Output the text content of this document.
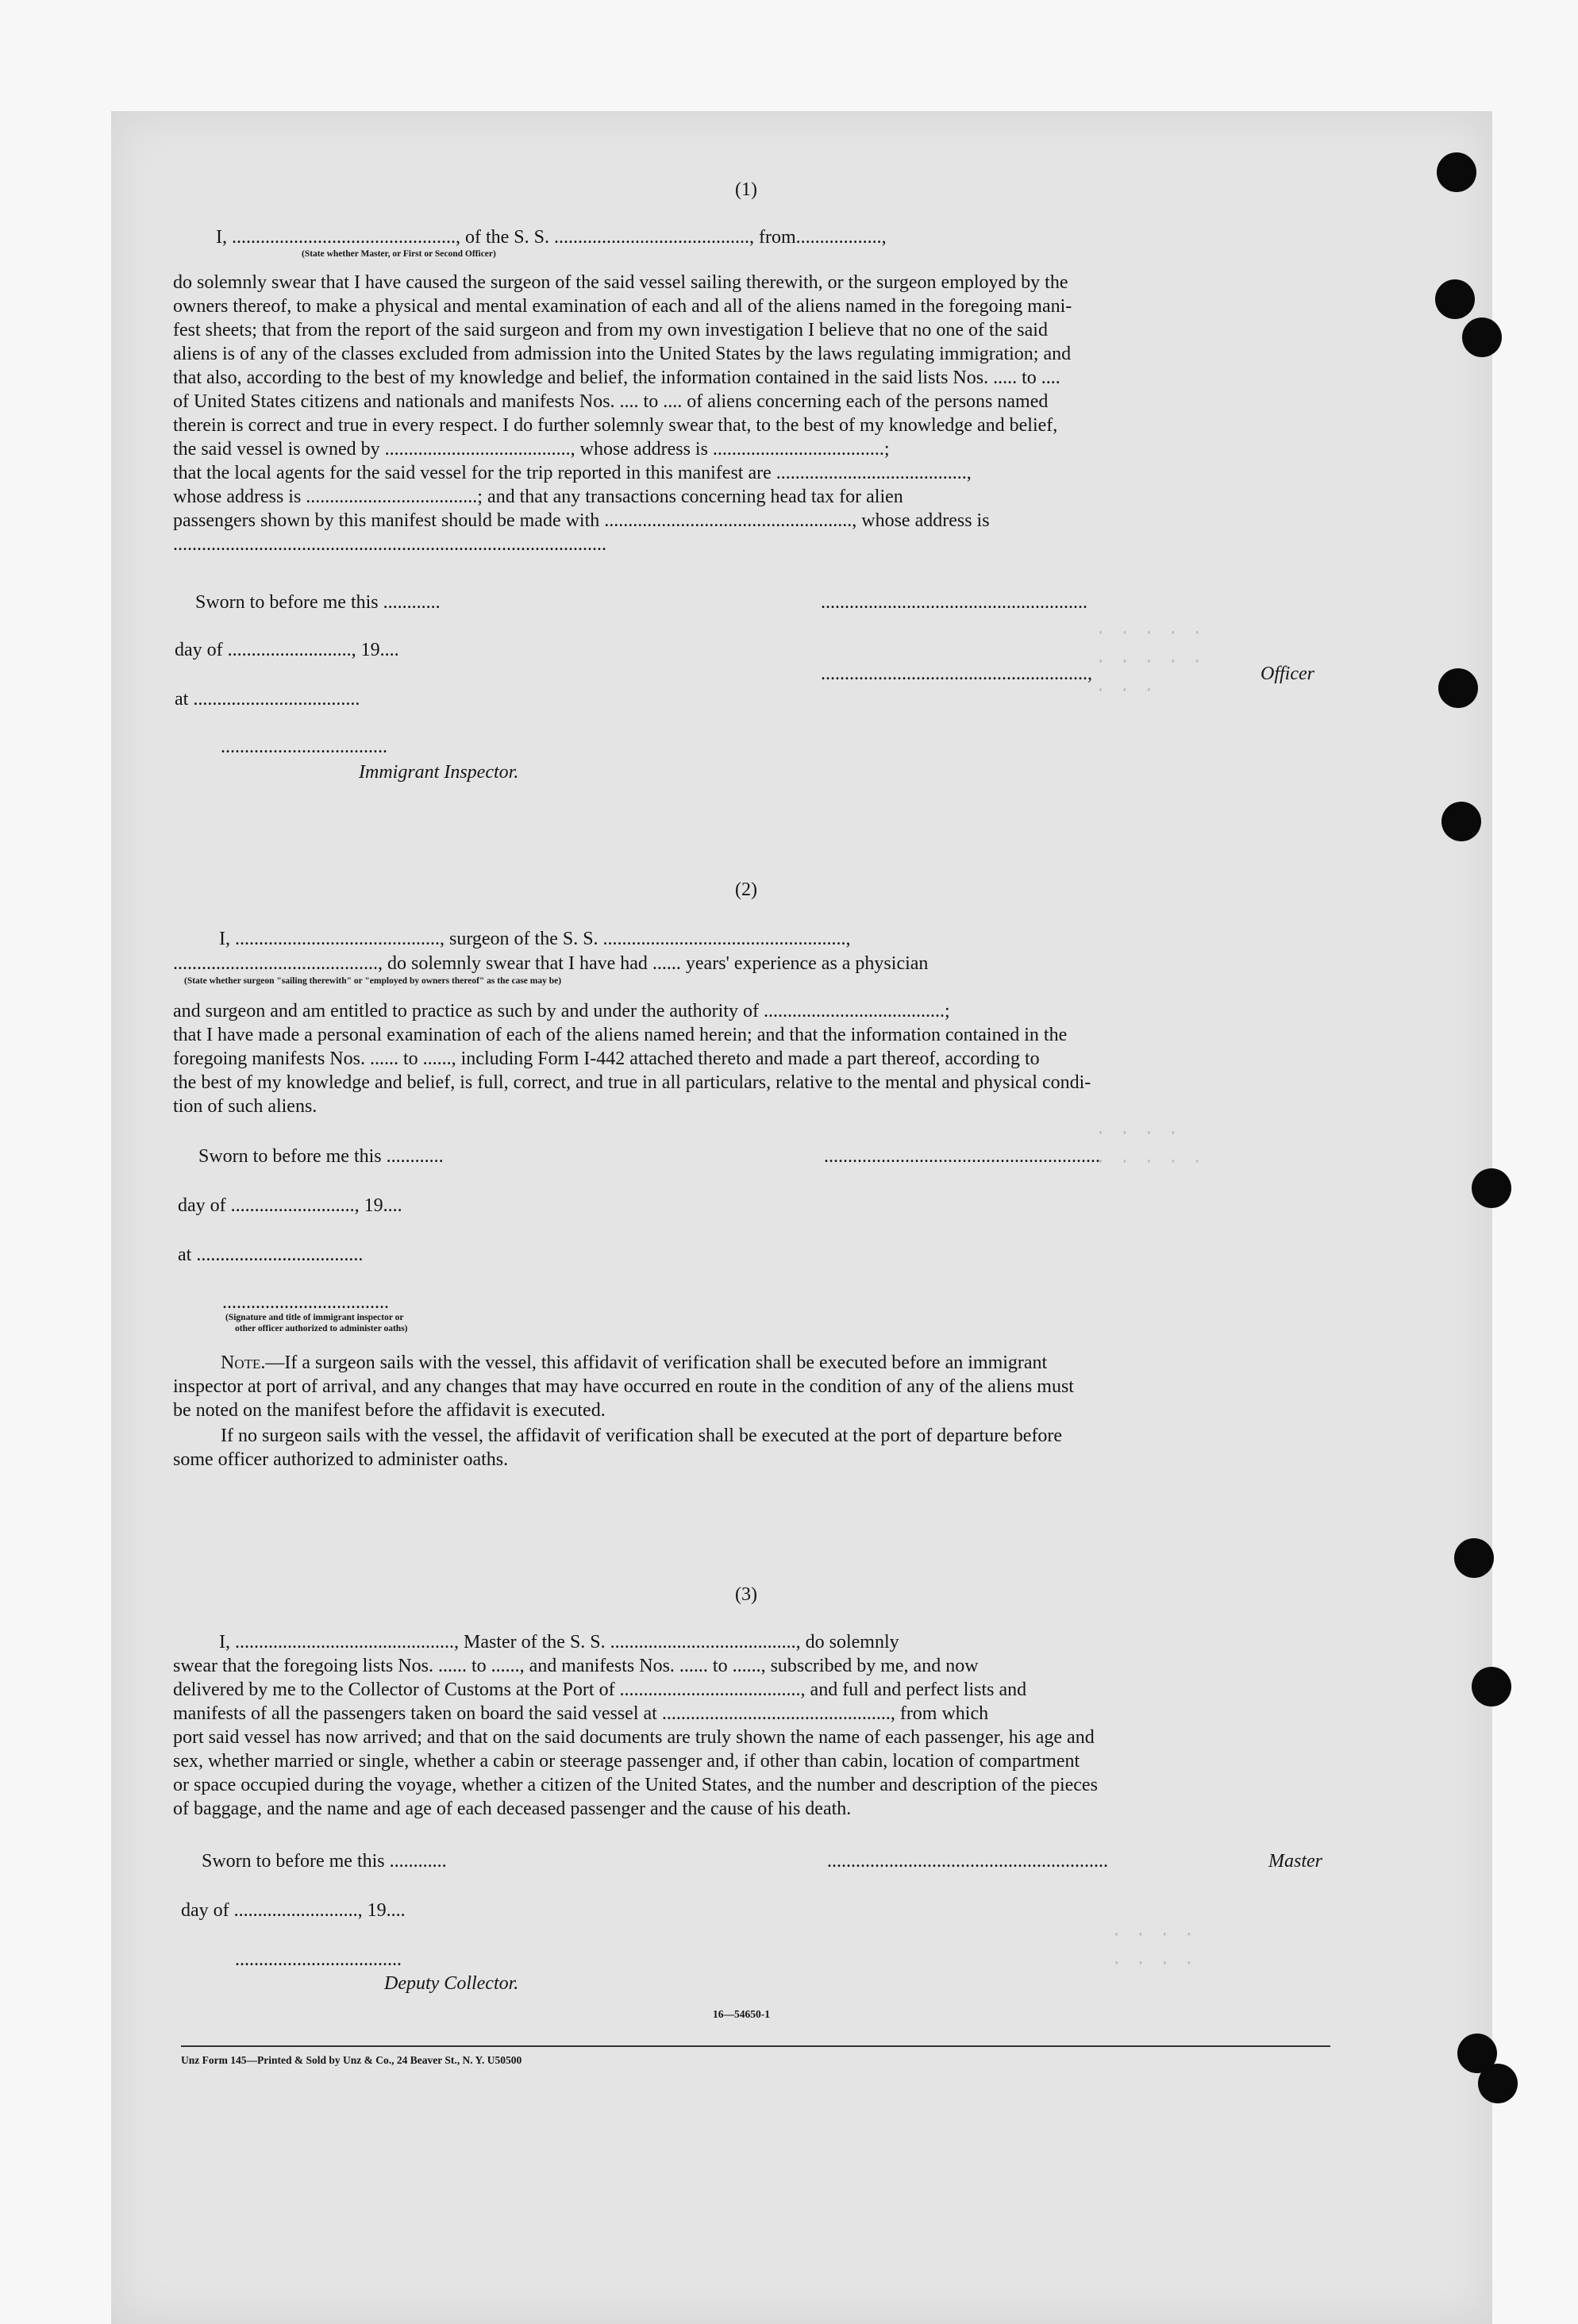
· · · · ·
· · · · ·
· · ·
· · · ·
· · · · ·
· · · ·
· · · ·
(1)
I, ..............................................., of the S. S. ........................................., from..................,
(State whether Master, or First or Second Officer)

do solemnly swear that I have caused the surgeon of the said vessel sailing therewith, or the surgeon employed by the

owners thereof, to make a physical and mental examination of each and all of the aliens named in the foregoing mani-

fest sheets; that from the report of the said surgeon and from my own investigation I believe that no one of the said

aliens is of any of the classes excluded from admission into the United States by the laws regulating immigration; and

that also, according to the best of my knowledge and belief, the information contained in the said lists Nos. ..... to ....

of United States citizens and nationals and manifests Nos. .... to .... of aliens concerning each of the persons named

therein is correct and true in every respect. I do further solemnly swear that, to the best of my knowledge and belief,

the said vessel is owned by ......................................., whose address is ....................................;

that the local agents for the said vessel for the trip reported in this manifest are ........................................,

whose address is ....................................; and that any transactions concerning head tax for alien

passengers shown by this manifest should be made with ...................................................., whose address is

...........................................................................................

Sworn to before me this ............	........................................................
day of .........................., 19....
........................................................,	Officer
at ...................................
...................................
Immigrant Inspector.
(2)
I, ..........................................., surgeon of the S. S. ...................................................,
..........................................., do solemnly swear that I have had ...... years' experience as a physician
(State whether surgeon "sailing therewith" or "employed by owners thereof" as the case may be)

and surgeon and am entitled to practice as such by and under the authority of ......................................;

that I have made a personal examination of each of the aliens named herein; and that the information contained in the

foregoing manifests Nos. ...... to ......, including Form I-442 attached thereto and made a part thereof, according to

the best of my knowledge and belief, is full, correct, and true in all particulars, relative to the mental and physical condi-

tion of such aliens.

Sworn to before me this ............	..........................................................
day of .........................., 19....
at ...................................
...................................
(Signature and title of immigrant inspector or
other officer authorized to administer oaths)
Note.—If a surgeon sails with the vessel, this affidavit of verification shall be executed before an immigrant
inspector at port of arrival, and any changes that may have occurred en route in the condition of any of the aliens must
be noted on the manifest before the affidavit is executed.
If no surgeon sails with the vessel, the affidavit of verification shall be executed at the port of departure before
some officer authorized to administer oaths.
(3)

I, .............................................., Master of the S. S. ......................................., do solemnly

swear that the foregoing lists Nos. ...... to ......, and manifests Nos. ...... to ......, subscribed by me, and now

delivered by me to the Collector of Customs at the Port of ......................................, and full and perfect lists and

manifests of all the passengers taken on board the said vessel at ................................................, from which

port said vessel has now arrived; and that on the said documents are truly shown the name of each passenger, his age and

sex, whether married or single, whether a cabin or steerage passenger and, if other than cabin, location of compartment

or space occupied during the voyage, whether a citizen of the United States, and the number and description of the pieces

of baggage, and the name and age of each deceased passenger and the cause of his death.

Sworn to before me this ............	...........................................................	Master
day of .........................., 19....
...................................
Deputy Collector.
16—54650-1
Unz Form 145—Printed & Sold by Unz & Co., 24 Beaver St., N. Y. U50500
